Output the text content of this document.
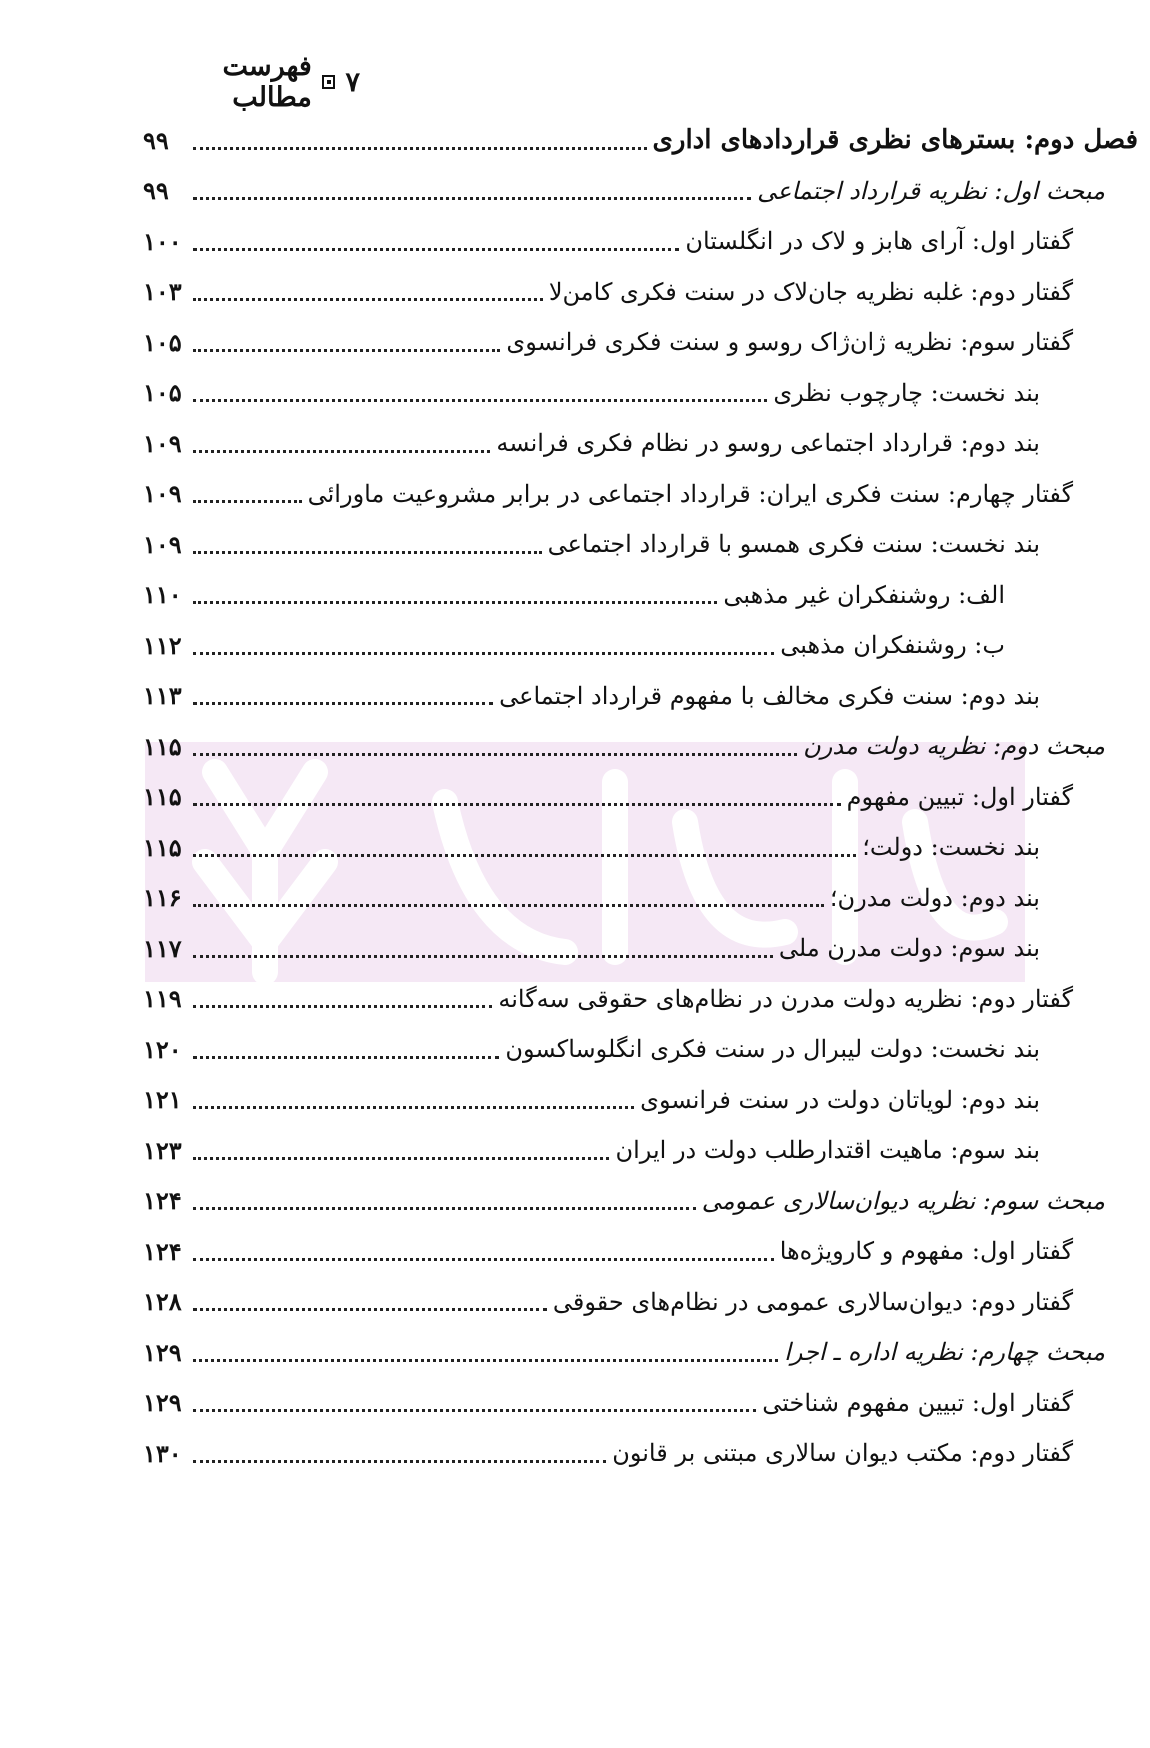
فهرست مطالب ۷
۹۹	فصل دوم: بسترهای نظری قراردادهای اداری
۹۹	مبحث اول: نظریه قرارداد اجتماعی
۱۰۰	گفتار اول: آرای هابز و لاک در انگلستان
۱۰۳	گفتار دوم: غلبه نظریه جان‌لاک در سنت فکری کامن‌لا
۱۰۵	گفتار سوم: نظریه ژان‌ژاک روسو و سنت فکری فرانسوی
۱۰۵	بند نخست: چارچوب نظری
۱۰۹	بند دوم: قرارداد اجتماعی روسو در نظام فکری فرانسه
۱۰۹	گفتار چهارم: سنت فکری ایران: قرارداد اجتماعی در برابر مشروعیت ماورائی
۱۰۹	بند نخست: سنت فکری همسو با قرارداد اجتماعی
۱۱۰	الف: روشنفکران غیر مذهبی
۱۱۲	ب: روشنفکران مذهبی
۱۱۳	بند دوم: سنت فکری مخالف با مفهوم قرارداد اجتماعی
۱۱۵	مبحث دوم: نظریه دولت مدرن
۱۱۵	گفتار اول: تبیین مفهوم
۱۱۵	بند نخست: دولت؛
۱۱۶	بند دوم: دولت مدرن؛
۱۱۷	بند سوم: دولت مدرن ملی
۱۱۹	گفتار دوم: نظریه دولت مدرن در نظام‌های حقوقی سه‌گانه
۱۲۰	بند نخست: دولت لیبرال در سنت فکری انگلوساکسون
۱۲۱	بند دوم: لویاتان دولت در سنت فرانسوی
۱۲۳	بند سوم: ماهیت اقتدارطلب دولت در ایران
۱۲۴	مبحث سوم: نظریه دیوان‌سالاری عمومی
۱۲۴	گفتار اول: مفهوم و کارویژه‌ها
۱۲۸	گفتار دوم: دیوان‌سالاری عمومی در نظام‌های حقوقی
۱۲۹	مبحث چهارم: نظریه اداره ـ اجرا
۱۲۹	گفتار اول: تبیین مفهوم شناختی
۱۳۰	گفتار دوم: مکتب دیوان سالاری مبتنی بر قانون
